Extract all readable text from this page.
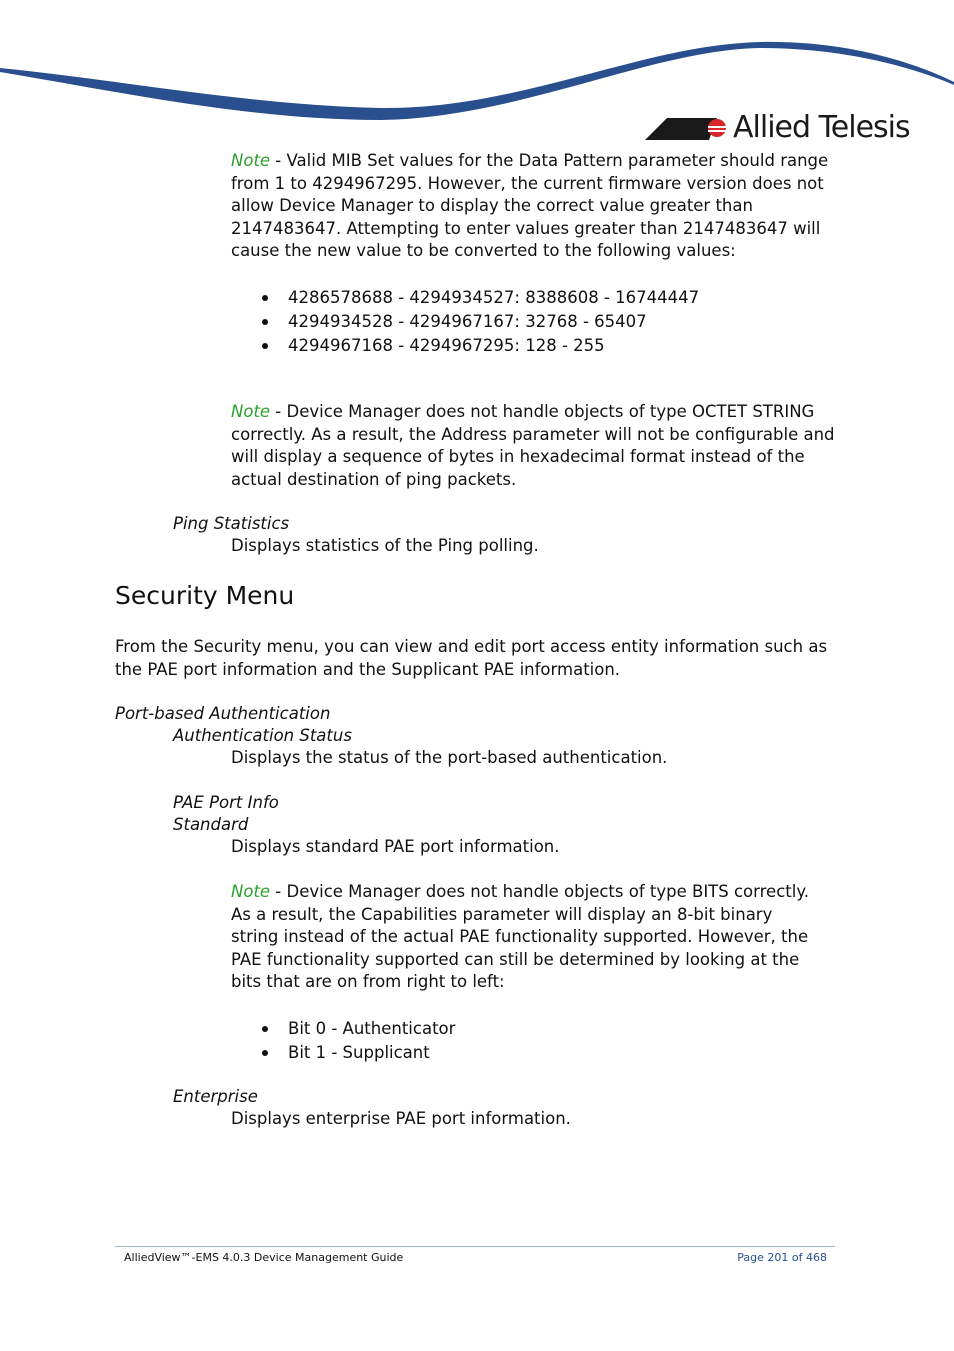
Allied Telesis

Note - Valid MIB Set values for the Data Pattern parameter should range from 1 to 4294967295. However, the current firmware version does not allow Device Manager to display the correct value greater than 2147483647. Attempting to enter values greater than 2147483647 will cause the new value to be converted to the following values:

4286578688 - 4294934527: 8388608 - 16744447
4294934528 - 4294967167: 32768 - 65407
4294967168 - 4294967295: 128 - 255

Note - Device Manager does not handle objects of type OCTET STRING correctly. As a result, the Address parameter will not be configurable and will display a sequence of bytes in hexadecimal format instead of the actual destination of ping packets.

Ping Statistics

Displays statistics of the Ping polling.

Security Menu

From the Security menu, you can view and edit port access entity information such as the PAE port information and the Supplicant PAE information.

Port-based Authentication

Authentication Status

Displays the status of the port-based authentication.

PAE Port Info

Standard

Displays standard PAE port information.

Note - Device Manager does not handle objects of type BITS correctly. As a result, the Capabilities parameter will display an 8-bit binary string instead of the actual PAE functionality supported. However, the PAE functionality supported can still be determined by looking at the bits that are on from right to left:

Bit 0 - Authenticator
Bit 1 - Supplicant

Enterprise

Displays enterprise PAE port information.

AlliedView™-EMS 4.0.3 Device Management Guide	Page 201 of 468
